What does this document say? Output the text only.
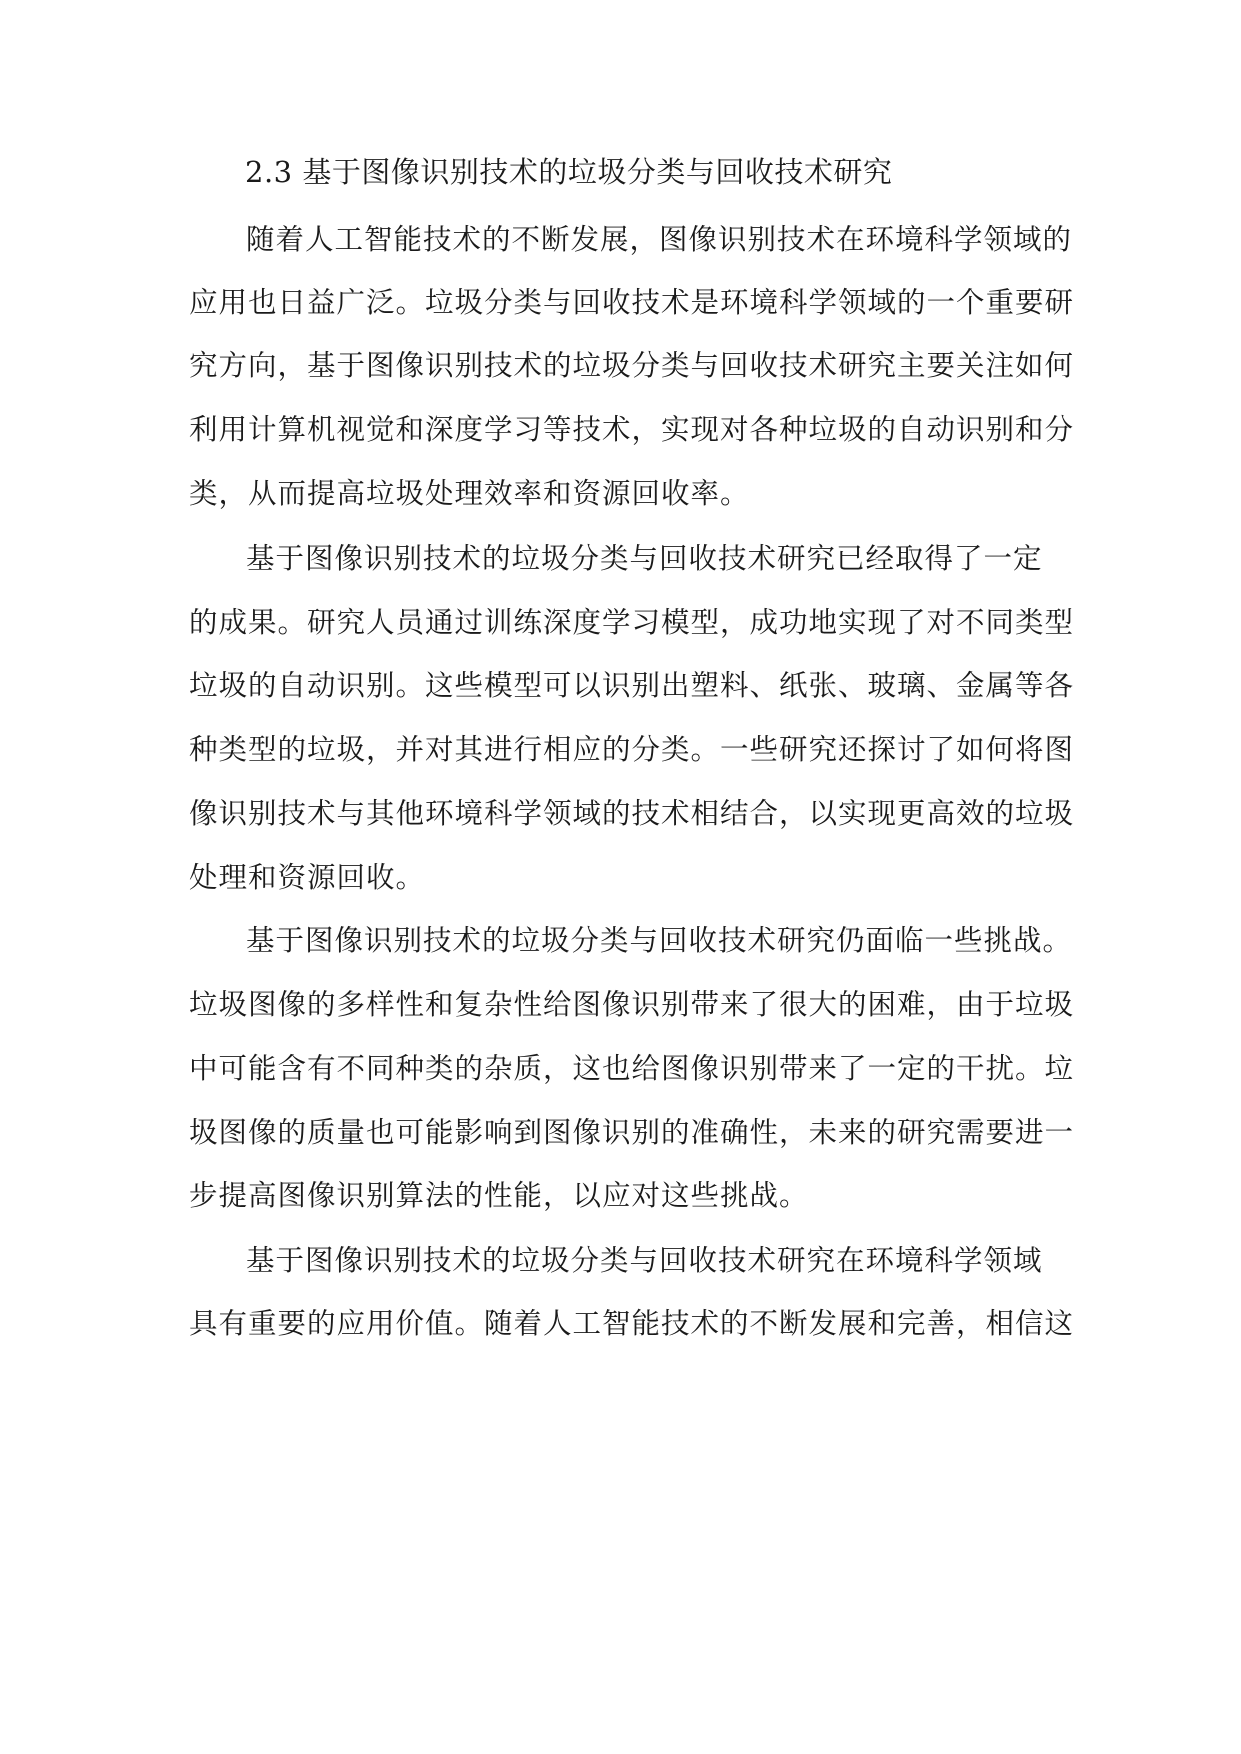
2.3 基于图像识别技术的垃圾分类与回收技术研究
随着人工智能技术的不断发展，图像识别技术在环境科学领域的
应用也日益广泛。垃圾分类与回收技术是环境科学领域的一个重要研
究方向，基于图像识别技术的垃圾分类与回收技术研究主要关注如何
利用计算机视觉和深度学习等技术，实现对各种垃圾的自动识别和分
类，从而提高垃圾处理效率和资源回收率。
基于图像识别技术的垃圾分类与回收技术研究已经取得了一定
的成果。研究人员通过训练深度学习模型，成功地实现了对不同类型
垃圾的自动识别。这些模型可以识别出塑料、纸张、玻璃、金属等各
种类型的垃圾，并对其进行相应的分类。一些研究还探讨了如何将图
像识别技术与其他环境科学领域的技术相结合，以实现更高效的垃圾
处理和资源回收。
基于图像识别技术的垃圾分类与回收技术研究仍面临一些挑战。
垃圾图像的多样性和复杂性给图像识别带来了很大的困难，由于垃圾
中可能含有不同种类的杂质，这也给图像识别带来了一定的干扰。垃
圾图像的质量也可能影响到图像识别的准确性，未来的研究需要进一
步提高图像识别算法的性能，以应对这些挑战。
基于图像识别技术的垃圾分类与回收技术研究在环境科学领域
具有重要的应用价值。随着人工智能技术的不断发展和完善，相信这
